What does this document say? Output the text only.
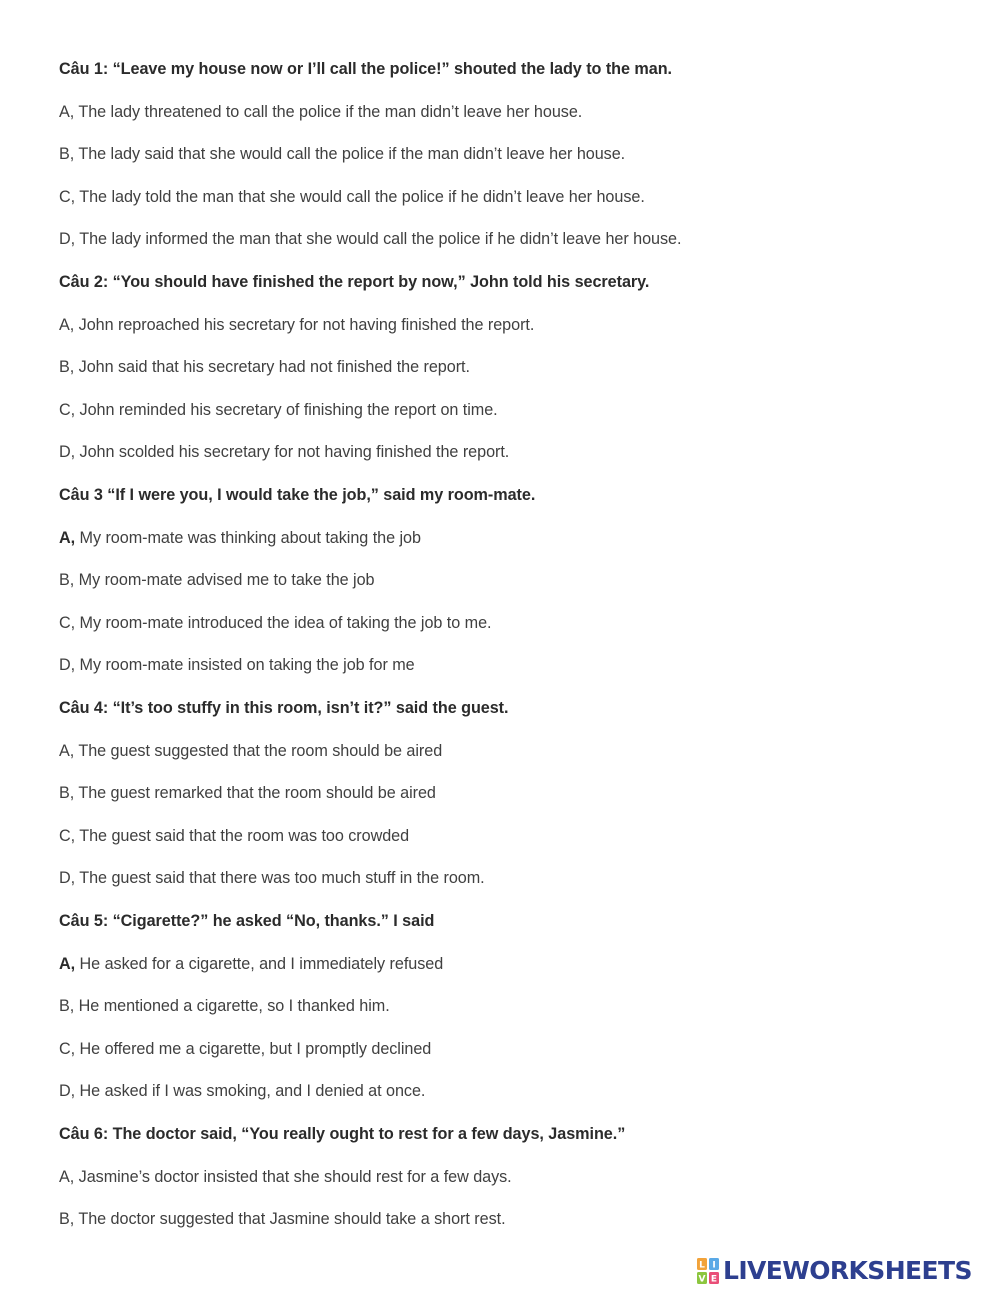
Câu 1: “Leave my house now or I’ll call the police!” shouted the lady to the man.
A, The lady threatened to call the police if the man didn’t leave her house.
B, The lady said that she would call the police if the man didn’t leave her house.
C, The lady told the man that she would call the police if he didn’t leave her house.
D, The lady informed the man that she would call the police if he didn’t leave her house.
Câu 2: “You should have finished the report by now,” John told his secretary.
A, John reproached his secretary for not having finished the report.
B, John said that his secretary had not finished the report.
C, John reminded his secretary of finishing the report on time.
D, John scolded his secretary for not having finished the report.
Câu 3 “If I were you, I would take the job,” said my room-mate.
A, My room-mate was thinking about taking the job
B, My room-mate advised me to take the job
C, My room-mate introduced the idea of taking the job to me.
D, My room-mate insisted on taking the job for me
Câu 4: “It’s too stuffy in this room, isn’t it?” said the guest.
A, The guest suggested that the room should be aired
B, The guest remarked that the room should be aired
C, The guest said that the room was too crowded
D, The guest said that there was too much stuff in the room.
Câu 5: “Cigarette?” he asked “No, thanks.” I said
A, He asked for a cigarette, and I immediately refused
B, He mentioned a cigarette, so I thanked him.
C, He offered me a cigarette, but I promptly declined
D, He asked if I was smoking, and I denied at once.
Câu 6: The doctor said, “You really ought to rest for a few days, Jasmine.”
A, Jasmine’s doctor insisted that she should rest for a few days.
B, The doctor suggested that Jasmine should take a short rest.
L I
V E LIVEWORKSHEETS
